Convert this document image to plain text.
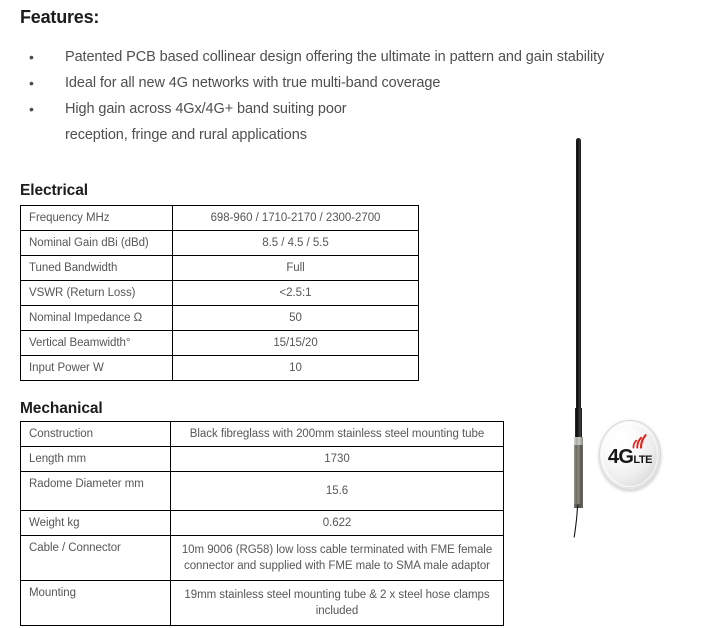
Features:
• Patented PCB based collinear design offering the ultimate in pattern and gain stability
• Ideal for all new 4G networks with true multi-band coverage
• High gain across 4Gx/4G+ band suiting poor
reception, fringe and rural applications
Electrical
Frequency MHz	698-960 / 1710-2170 / 2300-2700
Nominal Gain dBi (dBd)	8.5 / 4.5 / 5.5
Tuned Bandwidth	Full
VSWR (Return Loss)	<2.5:1
Nominal Impedance Ω	50
Vertical Beamwidth°	15/15/20
Input Power W	10
Mechanical
Construction	Black fibreglass with 200mm stainless steel mounting tube
Length mm	1730
Radome Diameter mm	15.6
Weight kg	0.622
Cable / Connector	10m 9006 (RG58) low loss cable terminated with FME female connector and supplied with FME male to SMA male adaptor
Mounting	19mm stainless steel mounting tube & 2 x steel hose clamps included
4GLTE
